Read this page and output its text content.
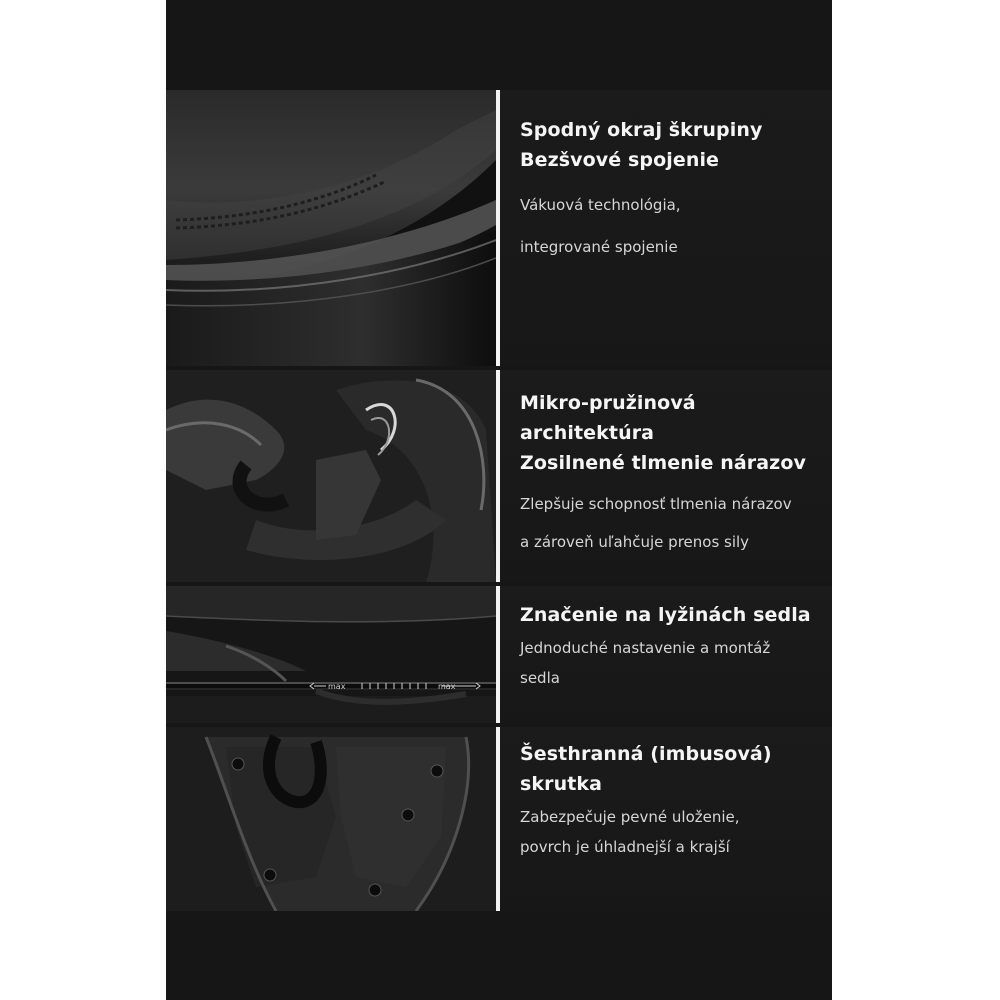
Spodný okraj škrupiny
Bezšvové spojenie
Vákuová technológia,
integrované spojenie
Mikro-pružinová architektúra
Zosilnené tlmenie nárazov
Zlepšuje schopnosť tlmenia nárazov
a zároveň uľahčuje prenos sily
max	max
Značenie na lyžinách sedla
Jednoduché nastavenie a montáž
sedla
Šesthranná (imbusová) skrutka
Zabezpečuje pevné uloženie,
povrch je úhladnejší a krajší
